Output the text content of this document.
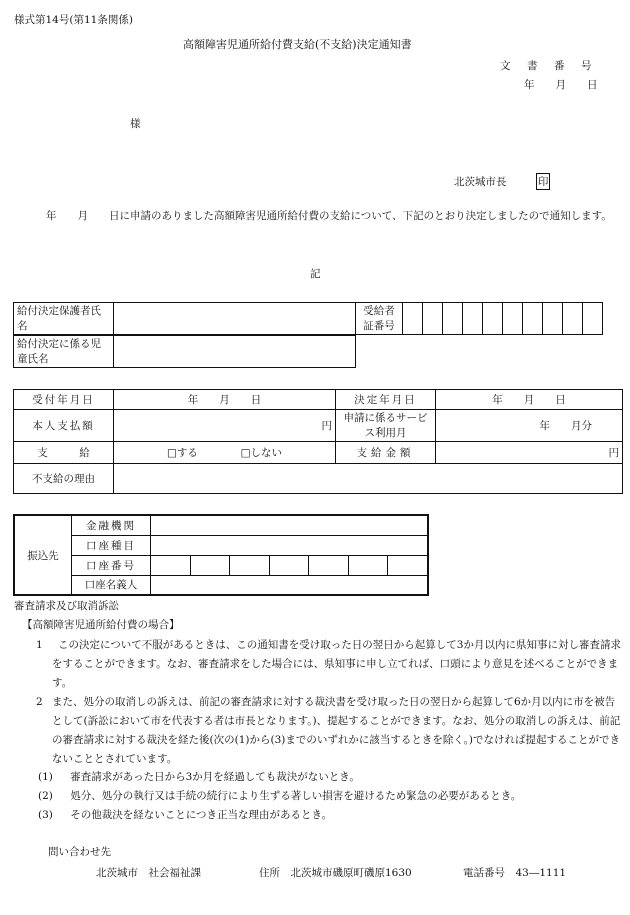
様式第14号(第11条関係)
高額障害児通所給付費支給(不支給)決定通知書
文　書　番　号
年　　月　　日
様
北茨城市長	印
年　　月　　日に申請のありました高額障害児通所給付費の支給について、下記のとおり決定しましたので通知します。
記
給付決定保護者氏名		受給者証番号										
給付決定に係る児童氏名	
受付年月日	年　　月　　日	決定年月日	年　　月　　日
本人支払額	円	申請に係るサービス利用月	年　　月分
支　　　給	□する □しない	支給金額	円
不支給の理由			
振込先	金融機関							
	口座種目							
	口座番号							
	口座名義人							
審査請求及び取消訴訟
【高額障害児通所給付費の場合】
1	この決定について不服があるときは、この通知書を受け取った日の翌日から起算して3か月以内に県知事に対し審査請求をすることができます。なお、審査請求をした場合には、県知事に申し立てれば、口頭により意見を述べることができます。
2 また、処分の取消しの訴えは、前記の審査請求に対する裁決書を受け取った日の翌日から起算して6か月以内に市を被告として(訴訟において市を代表する者は市長となります。)、提起することができます。なお、処分の取消しの訴えは、前記の審査請求に対する裁決を経た後(次の(1)から(3)までのいずれかに該当するときを除く。)でなければ提起することができないこととされています。
(1) 審査請求があった日から3か月を経過しても裁決がないとき。
(2) 処分、処分の執行又は手続の続行により生ずる著しい損害を避けるため緊急の必要があるとき。
(3) その他裁決を経ないことにつき正当な理由があるとき。
問い合わせ先
北茨城市　社会福祉課	住所　北茨城市磯原町磯原1630	電話番号　43―1111
